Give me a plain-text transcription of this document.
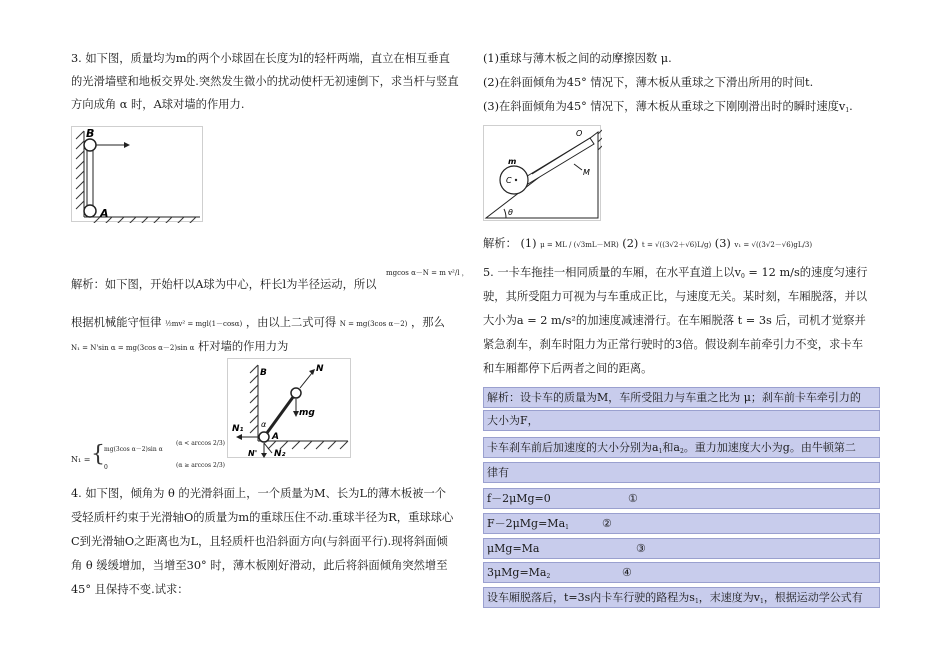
3. 如下图，质量均为m的两个小球固在长度为l的轻杆两端，直立在相互垂直
的光滑墙壁和地板交界处.突然发生微小的扰动使杆无初速倒下，求当杆与竖直
方向成角 α 时，A球对墙的作用力.
B
A
解析：如下图，开始杆以A球为中心，杆长l为半径运动，所以
mgcos α－N = m v²/l ，
根据机械能守恒律 ½mv² = mgl(1－cosα) ，由以上二式可得 N = mg(3cos α－2) ，那么
N₁ = N'sin α = mg(3cos α－2)sin α 杆对墙的作用力为
B	N
mg
N₁ α
A
N' N₂
N₁ = { mg(3cos α－2)sin α
(α < arccos 2/3)
0	(α ≥ arccos 2/3)
4. 如下图，倾角为 θ 的光滑斜面上，一个质量为M、长为L的薄木板被一个
受轻质杆约束于光滑轴O的质量为m的重球压住不动.重球半径为R，重球球心
C到光滑轴O之距离也为L，且轻质杆也沿斜面方向(与斜面平行).现将斜面倾
角 θ 缓缓增加，当增至30° 时，薄木板刚好滑动，此后将斜面倾角突然增至
45° 且保持不变.试求：
(1)重球与薄木板之间的动摩擦因数 μ.
(2)在斜面倾角为45° 情况下，薄木板从重球之下滑出所用的时间t.
(3)在斜面倾角为45° 情况下，薄木板从重球之下刚刚滑出时的瞬时速度$v_1$.
m
C
O
M
θ
解析： (1) μ = ML / (√3mL－MR) (2) t = √((3√2＋√6)L/g) (3) v₁ = √((3√2－√6)gL/3)
5. 一卡车拖挂一相同质量的车厢，在水平直道上以$v_0 = 12$ m/s的速度匀速行
驶，其所受阻力可视为与车重成正比，与速度无关。某时刻，车厢脱落，并以
大小为a = 2 m/s²的加速度减速滑行。在车厢脱落 t = 3s 后，司机才觉察并
紧急刹车，刹车时阻力为正常行驶时的3倍。假设刹车前牵引力不变，求卡车
和车厢都停下后两者之间的距离。
解析：设卡车的质量为M，车所受阻力与车重之比为 μ；刹车前卡车牵引力的
大小为F，
卡车刹车前后加速度的大小分别为$a_1$和$a_2$。重力加速度大小为g。由牛顿第二
律有
f－2μMg=0	①
$F-2\mu Mg=Ma_1$	②
μMg=Ma	③
$3\mu Mg=Ma_2$	④
设车厢脱落后，t=3s内卡车行驶的路程为$s_1$，末速度为$v_1$，根据运动学公式有
